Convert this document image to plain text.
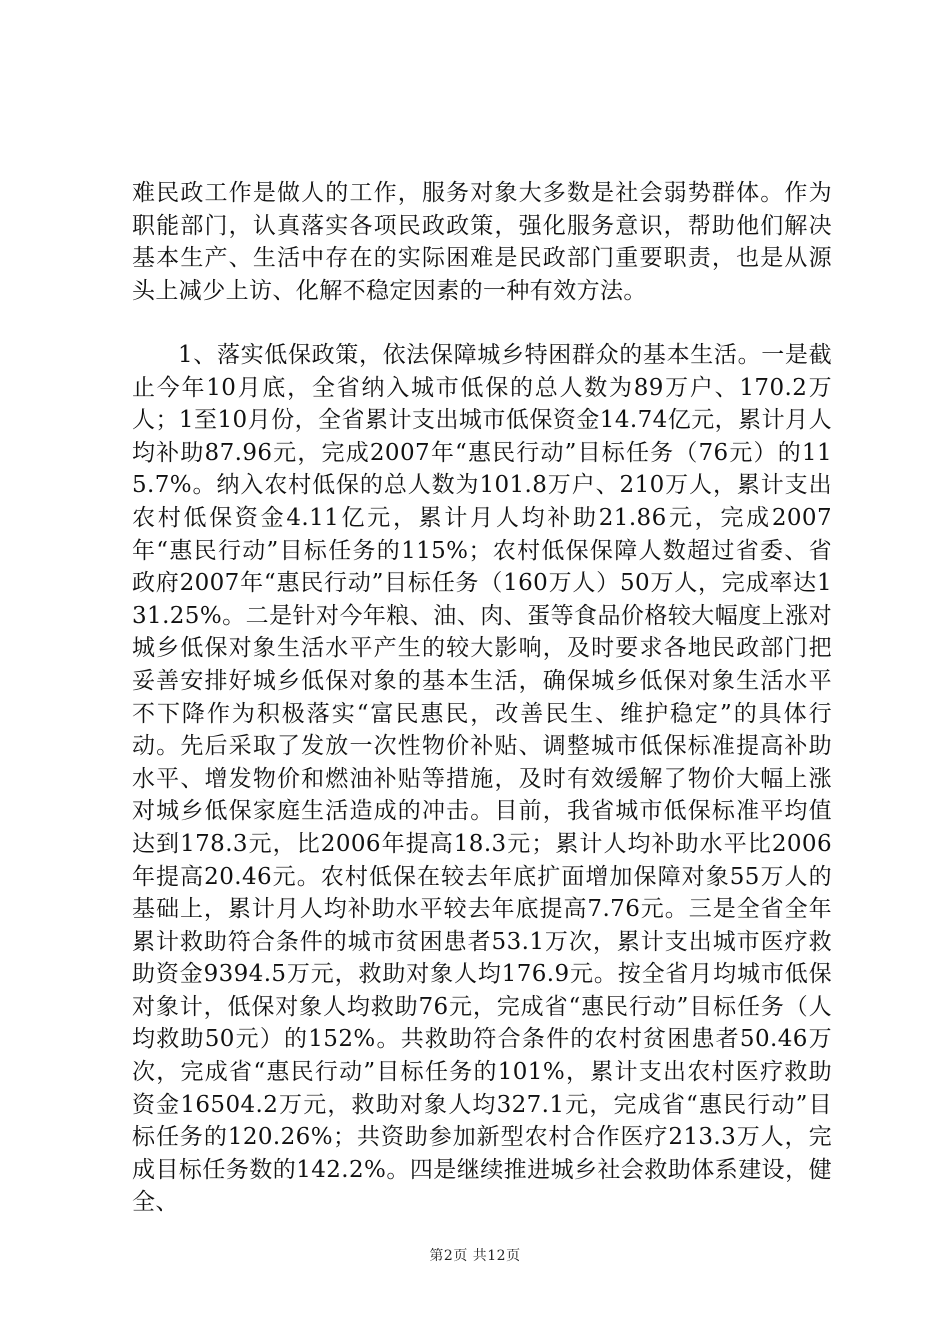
难民政工作是做人的工作，服务对象大多数是社会弱势群体。作为职能部门，认真落实各项民政政策，强化服务意识，帮助他们解决基本生产、生活中存在的实际困难是民政部门重要职责，也是从源头上减少上访、化解不稳定因素的一种有效方法。

1、落实低保政策，依法保障城乡特困群众的基本生活。一是截止今年10月底，全省纳入城市低保的总人数为89万户、170.2万人；1至10月份，全省累计支出城市低保资金14.74亿元，累计月人均补助87.96元，完成2007年“惠民行动”目标任务（76元）的115.7%。纳入农村低保的总人数为101.8万户、210万人，累计支出农村低保资金4.11亿元，累计月人均补助21.86元，完成2007年“惠民行动”目标任务的115%；农村低保保障人数超过省委、省政府2007年“惠民行动”目标任务（160万人）50万人，完成率达131.25%。二是针对今年粮、油、肉、蛋等食品价格较大幅度上涨对城乡低保对象生活水平产生的较大影响，及时要求各地民政部门把妥善安排好城乡低保对象的基本生活，确保城乡低保对象生活水平不下降作为积极落实“富民惠民，改善民生、维护稳定”的具体行动。先后采取了发放一次性物价补贴、调整城市低保标准提高补助水平、增发物价和燃油补贴等措施，及时有效缓解了物价大幅上涨对城乡低保家庭生活造成的冲击。目前，我省城市低保标准平均值达到178.3元，比2006年提高18.3元；累计人均补助水平比2006年提高20.46元。农村低保在较去年底扩面增加保障对象55万人的基础上，累计月人均补助水平较去年底提高7.76元。三是全省全年累计救助符合条件的城市贫困患者53.1万次，累计支出城市医疗救助资金9394.5万元，救助对象人均176.9元。按全省月均城市低保对象计，低保对象人均救助76元，完成省“惠民行动”目标任务（人均救助50元）的152%。共救助符合条件的农村贫困患者50.46万次，完成省“惠民行动”目标任务的101%，累计支出农村医疗救助资金16504.2万元，救助对象人均327.1元，完成省“惠民行动”目标任务的120.26%；共资助参加新型农村合作医疗213.3万人，完成目标任务数的142.2%。四是继续推进城乡社会救助体系建设，健全、

第2页 共12页
